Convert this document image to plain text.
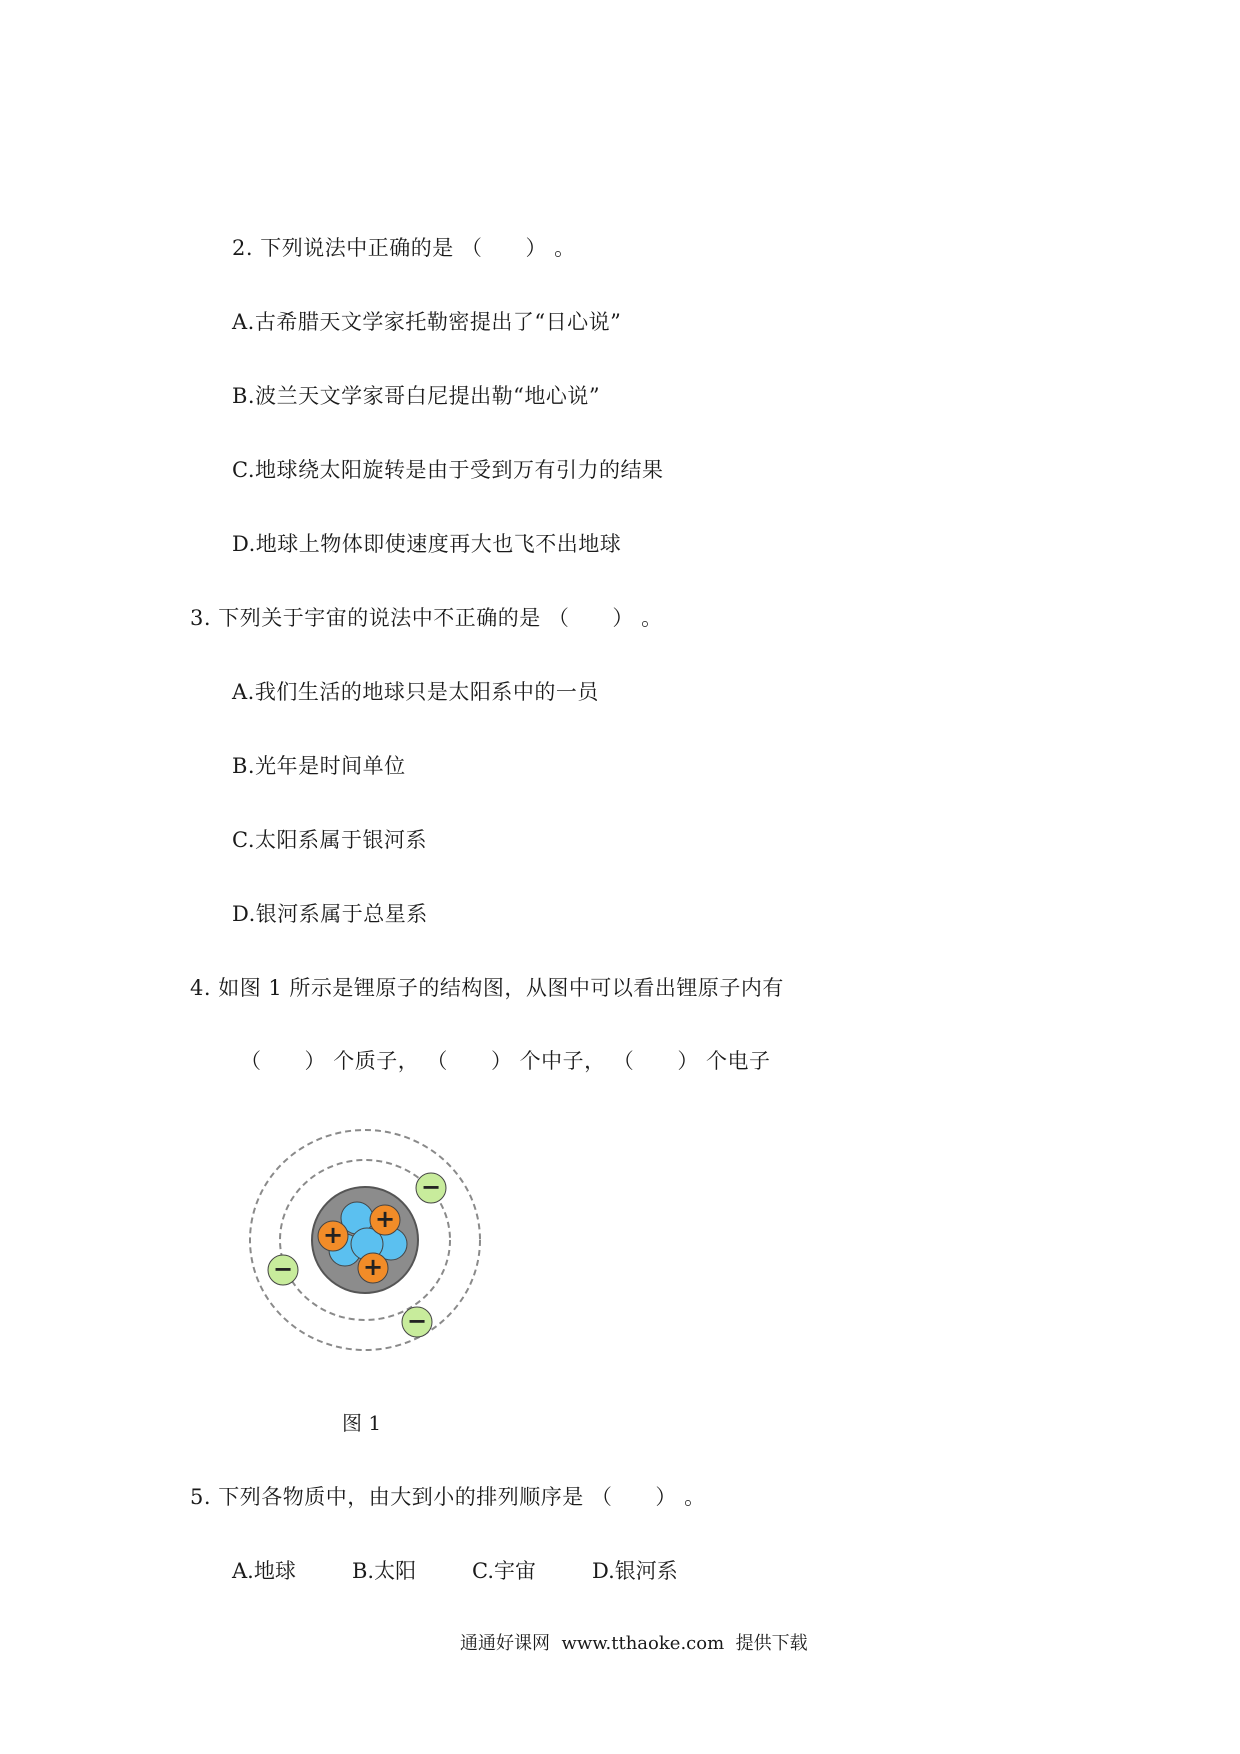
2. 下列说法中正确的是 （      ） 。
A.古希腊天文学家托勒密提出了“日心说”
B.波兰天文学家哥白尼提出勒“地心说”
C.地球绕太阳旋转是由于受到万有引力的结果
D.地球上物体即使速度再大也飞不出地球
3. 下列关于宇宙的说法中不正确的是 （      ） 。
A.我们生活的地球只是太阳系中的一员
B.光年是时间单位
C.太阳系属于银河系
D.银河系属于总星系
4. 如图 1 所示是锂原子的结构图，从图中可以看出锂原子内有
（      ） 个质子， （      ） 个中子， （      ） 个电子
+
+
+
−
−
−
图 1
5. 下列各物质中，由大到小的排列顺序是 （      ） 。
A.地球	B.太阳	C.宇宙	D.银河系
通通好课网  www.tthaoke.com  提供下载
